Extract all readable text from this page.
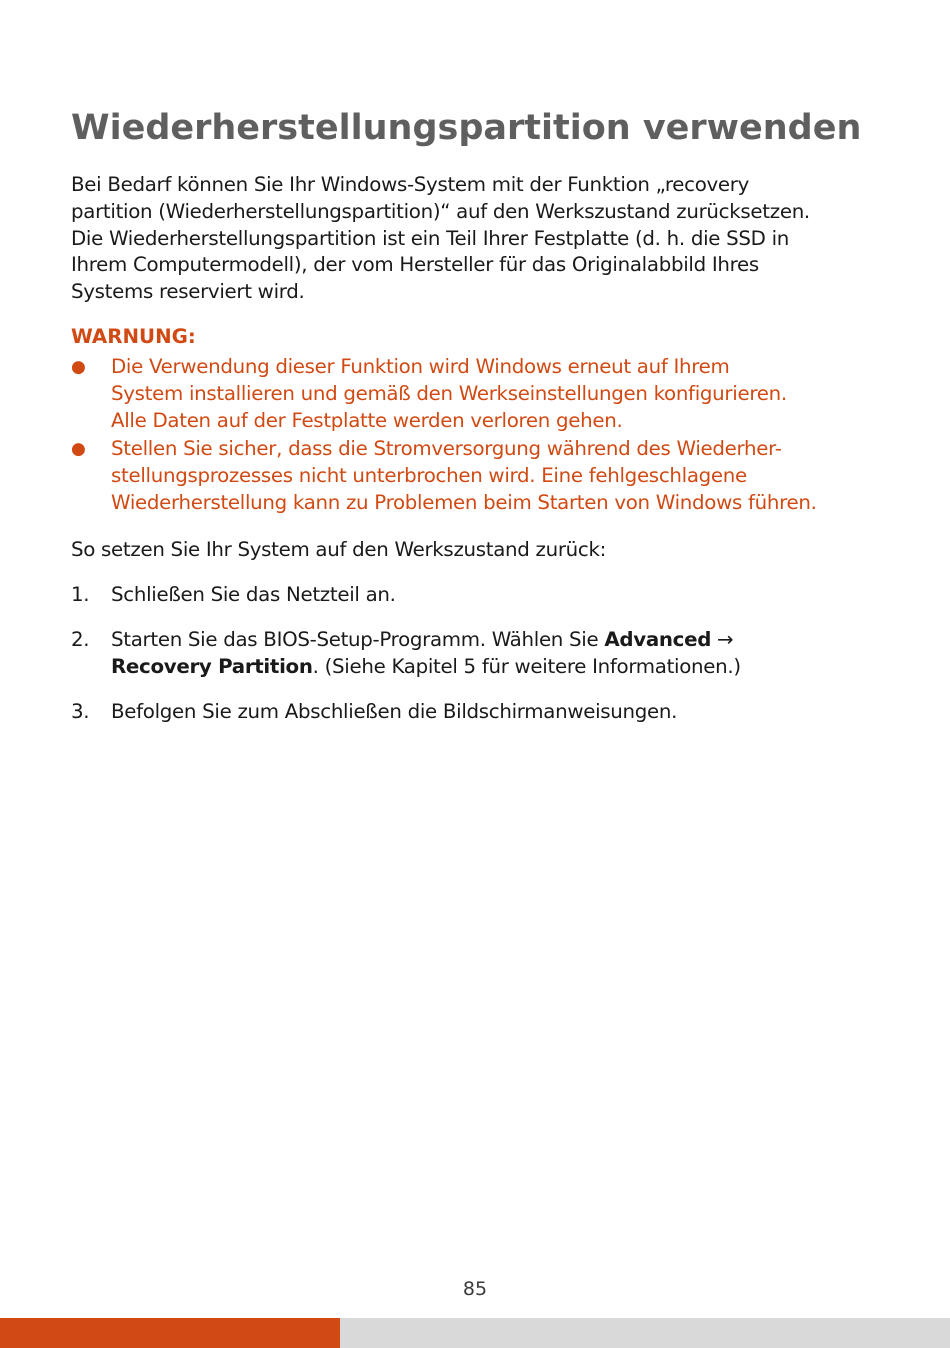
Wiederherstellungspartition verwenden

Bei Bedarf können Sie Ihr Windows-System mit der Funktion „recovery
partition (Wiederherstellungspartition)“ auf den Werkszustand zurücksetzen.
Die Wiederherstellungspartition ist ein Teil Ihrer Festplatte (d. h. die SSD in
Ihrem Computermodell), der vom Hersteller für das Originalabbild Ihres
Systems reserviert wird.

WARNUNG:
● Die Verwendung dieser Funktion wird Windows erneut auf Ihrem
System installieren und gemäß den Werkseinstellungen konfigurieren.
Alle Daten auf der Festplatte werden verloren gehen.
● Stellen Sie sicher, dass die Stromversorgung während des Wiederher-
stellungsprozesses nicht unterbrochen wird. Eine fehlgeschlagene
Wiederherstellung kann zu Problemen beim Starten von Windows führen.

So setzen Sie Ihr System auf den Werkszustand zurück:

1. Schließen Sie das Netzteil an.
2. Starten Sie das BIOS-Setup-Programm. Wählen Sie Advanced →
Recovery Partition. (Siehe Kapitel 5 für weitere Informationen.)
3. Befolgen Sie zum Abschließen die Bildschirmanweisungen.
85
